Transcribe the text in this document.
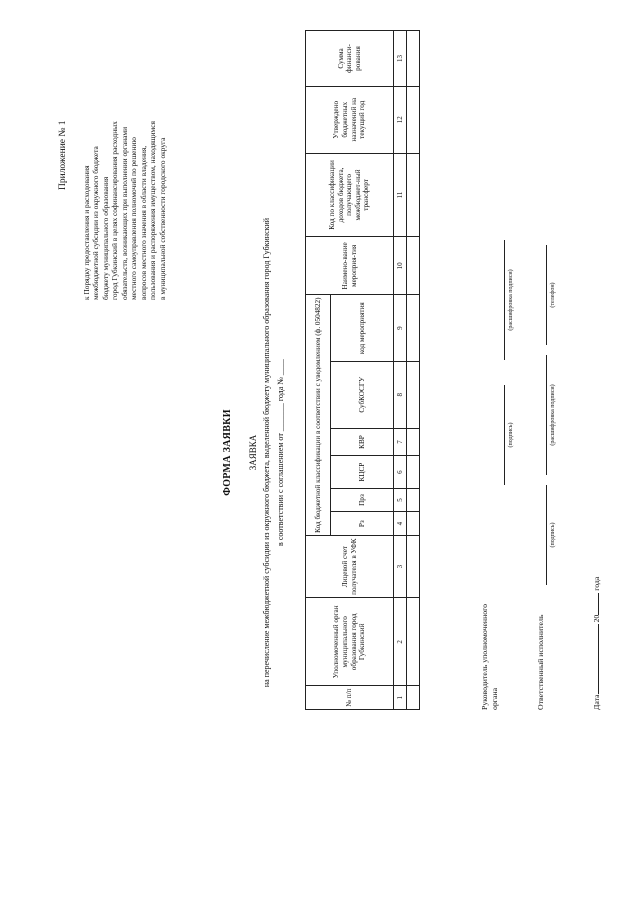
Приложение № 1
к Порядку предоставления и расходования межбюджетной субсидии из окружного бюджета бюджету муниципального образования город Губкинский в целях софинансирования расходных обязательств, возникающих при выполнении органами местного самоуправления полномочий по решению вопросов местного значения в области владения, пользования и распоряжения имуществом, находящимся в муниципальной собственности городского округа
ФОРМА ЗАЯВКИ ЗАЯВКА на перечисление межбюджетной субсидии из окружного бюджета, выделенной бюджету муниципального образования город Губкинский в соответствии с соглашением от _______ года № ____
№ п/п	Уполномоченный орган муниципального образования город Губкинский	Лицевой счет получателя в УФК	Код бюджетной классификации в соответствии с уведомлением (ф. 0504822)						Наимено-вание мероприя-тия	Код по классификации доходов бюджета, получающего межбюджет-ный трансферт	Утверждено бюджетных назначений на текущий год	Сумма финанси-рования
			Рз	Прз	КЦСР	КВР	СубКОСГУ	код мероприятия				
1	2	3	4	5	6	7	8	9	10	11	12	13

Руководитель уполномоченного органа
(подпись)
(расшифровка подписи)
Ответственный исполнитель
(подпись)
(расшифровка подписи)
(телефон)
Дата 20 года
